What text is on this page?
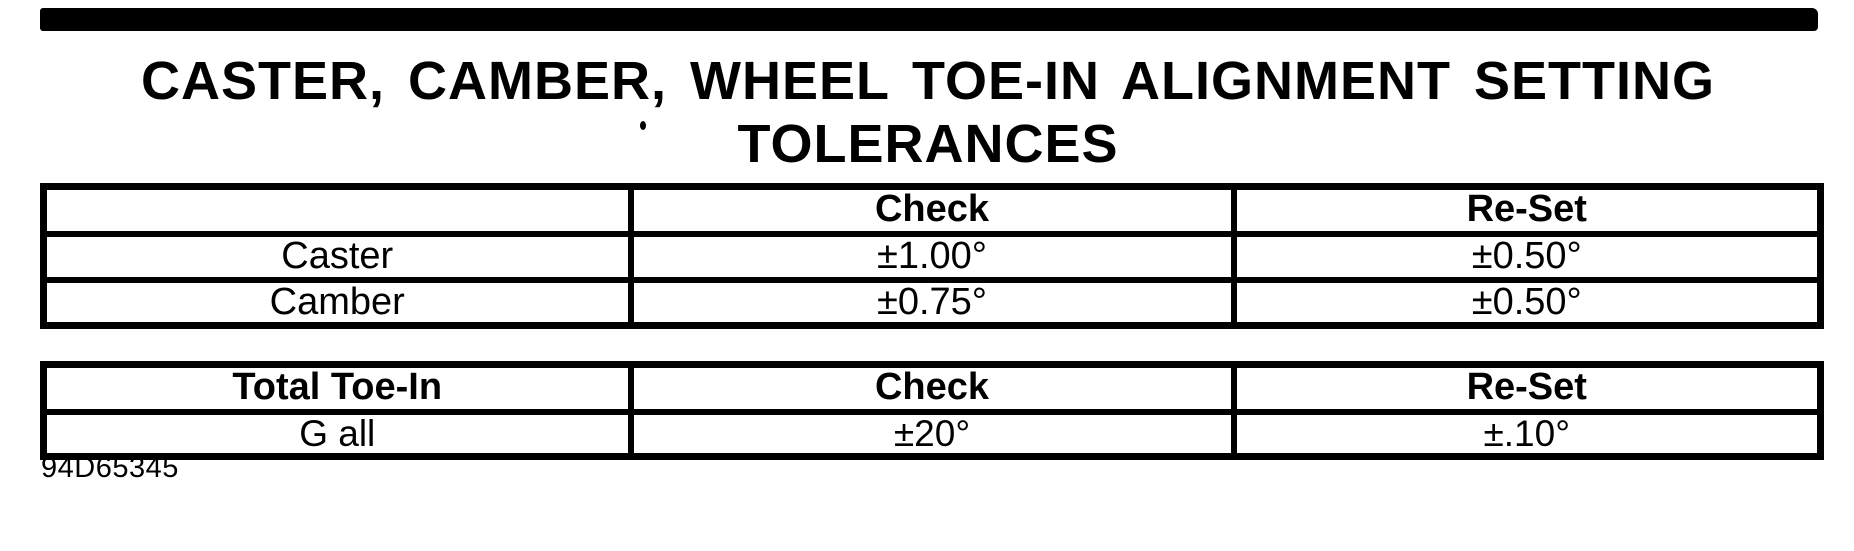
CASTER, CAMBER, WHEEL TOE-IN ALIGNMENT SETTING
TOLERANCES
	Check	Re-Set
Caster	±1.00°	±0.50°
Camber	±0.75°	±0.50°
Total Toe-In	Check	Re-Set
G all	±20°	±.10°
94D65345
